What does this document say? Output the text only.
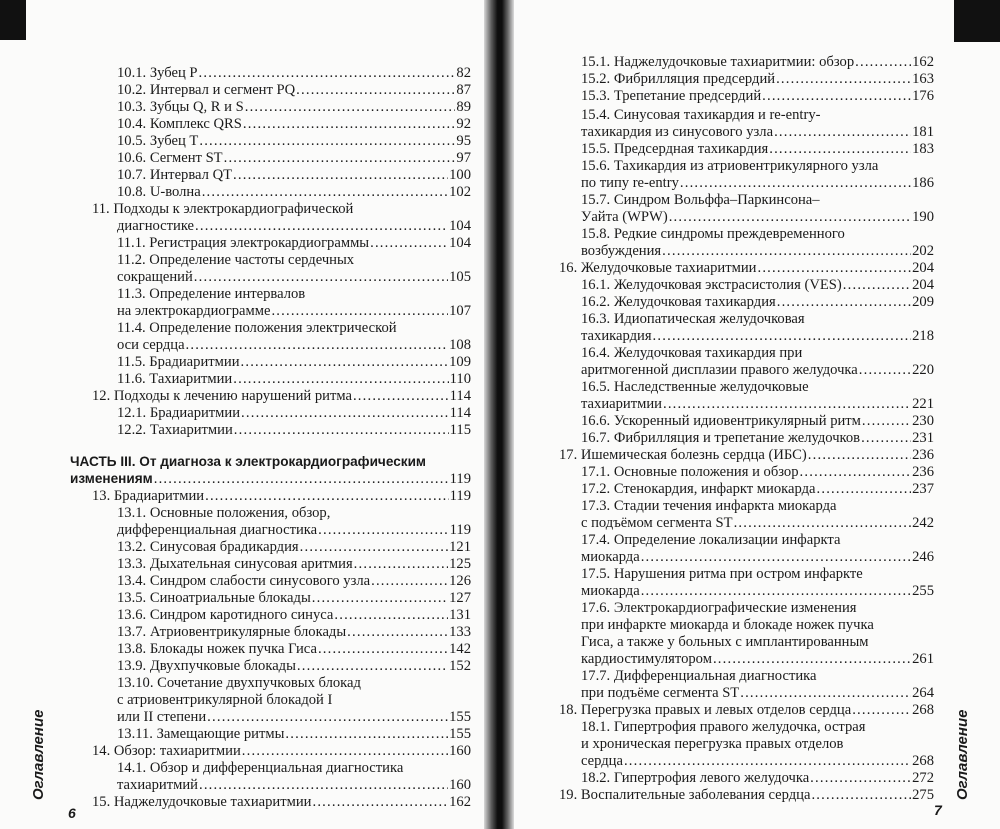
10.1. Зубец P .....	82
10.2. Интервал и сегмент PQ .....	87
10.3. Зубцы Q, R и S .....	89
10.4. Комплекс QRS .....	92
10.5. Зубец T .....	95
10.6. Сегмент ST .....	97
10.7. Интервал QT .....	100
10.8. U-волна .....	102
11. Подходы к электрокардиографической
диагностике .....	104
11.1. Регистрация электрокардиограммы .....	104
11.2. Определение частоты сердечных
сокращений .....	105
11.3. Определение интервалов
на электрокардиограмме .....	107
11.4. Определение положения электрической
оси сердца .....	108
11.5. Брадиаритмии .....	109
11.6. Тахиаритмии .....	110
12. Подходы к лечению нарушений ритма .....	114
12.1. Брадиаритмии .....	114
12.2. Тахиаритмии .....	115
ЧАСТЬ III. От диагноза к электрокардиографическим
изменениям .....	119
13. Брадиаритмии .....	119
13.1. Основные положения, обзор,
дифференциальная диагностика .....	119
13.2. Синусовая брадикардия .....	121
13.3. Дыхательная синусовая аритмия .....	125
13.4. Синдром слабости синусового узла .....	126
13.5. Синоатриальные блокады .....	127
13.6. Синдром каротидного синуса .....	131
13.7. Атриовентрикулярные блокады .....	133
13.8. Блокады ножек пучка Гиса .....	142
13.9. Двухпучковые блокады .....	152
13.10. Сочетание двухпучковых блокад
с атриовентрикулярной блокадой I
или II степени .....	155
13.11. Замещающие ритмы .....	155
14. Обзор: тахиаритмии .....	160
14.1. Обзор и дифференциальная диагностика
тахиаритмий .....	160
15. Наджелудочковые тахиаритмии .....	162
Оглавление
6
15.1. Наджелудочковые тахиаритмии: обзор .....	162
15.2. Фибрилляция предсердий .....	163
15.3. Трепетание предсердий .....	176
15.4. Синусовая тахикардия и re-entry-
тахикардия из синусового узла .....	181
15.5. Предсердная тахикардия .....	183
15.6. Тахикардия из атриовентрикулярного узла
по типу re-entry .....	186
15.7. Синдром Вольффа–Паркинсона–
Уайта (WPW) .....	190
15.8. Редкие синдромы преждевременного
возбуждения .....	202
16. Желудочковые тахиаритмии .....	204
16.1. Желудочковая экстрасистолия (VES) .....	204
16.2. Желудочковая тахикардия .....	209
16.3. Идиопатическая желудочковая
тахикардия .....	218
16.4. Желудочковая тахикардия при
аритмогенной дисплазии правого желудочка .....	220
16.5. Наследственные желудочковые
тахиаритмии .....	221
16.6. Ускоренный идиовентрикулярный ритм .....	230
16.7. Фибрилляция и трепетание желудочков .....	231
17. Ишемическая болезнь сердца (ИБС) .....	236
17.1. Основные положения и обзор .....	236
17.2. Стенокардия, инфаркт миокарда .....	237
17.3. Стадии течения инфаркта миокарда
с подъёмом сегмента ST .....	242
17.4. Определение локализации инфаркта
миокарда .....	246
17.5. Нарушения ритма при остром инфаркте
миокарда .....	255
17.6. Электрокардиографические изменения
при инфаркте миокарда и блокаде ножек пучка
Гиса, а также у больных с имплантированным
кардиостимулятором .....	261
17.7. Дифференциальная диагностика
при подъёме сегмента ST .....	264
18. Перегрузка правых и левых отделов сердца .....	268
18.1. Гипертрофия правого желудочка, острая
и хроническая перегрузка правых отделов
сердца .....	268
18.2. Гипертрофия левого желудочка .....	272
19. Воспалительные заболевания сердца .....	275 Оглавление
7
